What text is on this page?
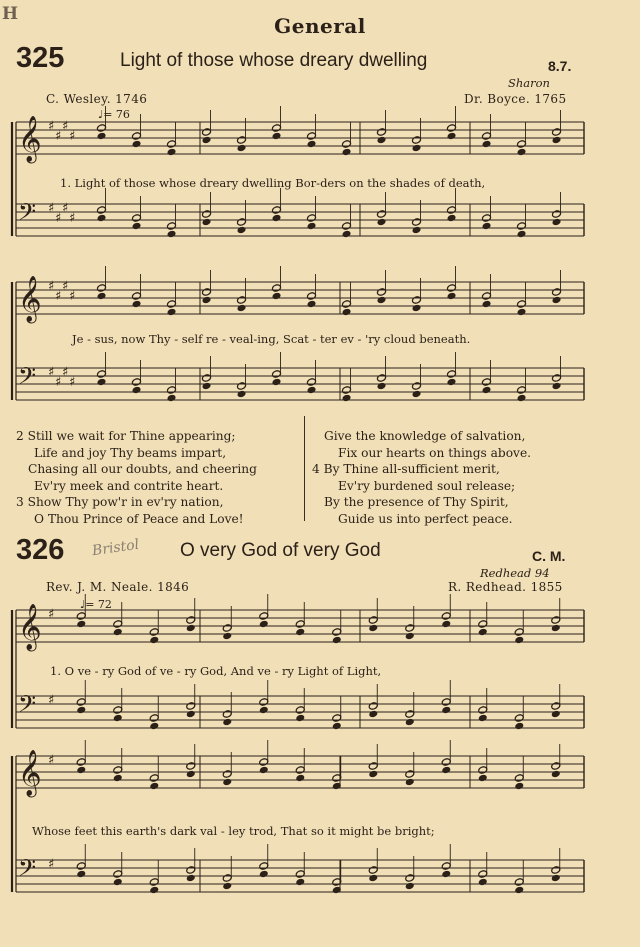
H	General
325	Light of those whose dreary dwelling	8.7.
Sharon
C. Wesley. 1746	Dr. Boyce. 1765
♩= 76
𝄞 ♯
♯
♯
♯
𝄢 ♯
♯
♯
♯
1. Light of those whose dreary dwelling Bor-ders on the shades of death,
𝄞 ♯
♯
♯
♯
𝄢 ♯
♯
♯
♯
Je - sus, now Thy - self re - veal-ing, Scat - ter ev - 'ry cloud beneath.
2 Still we wait for Thine appearing;
Life and joy Thy beams impart,
Chasing all our doubts, and cheering
Ev'ry meek and contrite heart.
3 Show Thy pow'r in ev'ry nation,
O Thou Prince of Peace and Love!
Give the knowledge of salvation,
Fix our hearts on things above.
4 By Thine all-sufficient merit,
Ev'ry burdened soul release;
By the presence of Thy Spirit,
Guide us into perfect peace.
326 Bristol O very God of very God	C. M.
Redhead 94
Rev. J. M. Neale. 1846	R. Redhead. 1855
♩= 72
𝄞 ♯
𝄢 ♯
1. O ve - ry God of ve - ry God, And ve - ry Light of Light,
𝄞 ♯
𝄢 ♯
Whose feet this earth's dark val - ley trod, That so it might be bright;
